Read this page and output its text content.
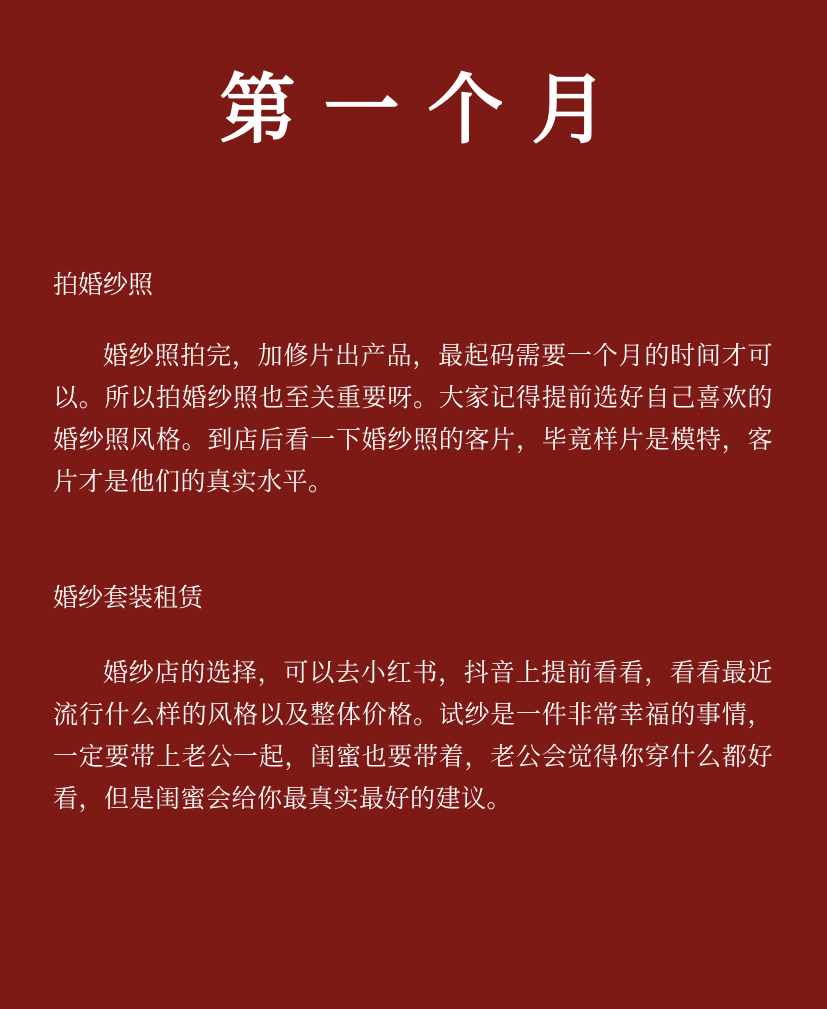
第一个月
拍婚纱照

婚纱照拍完，加修片出产品，最起码需要一个月的时间才可以。所以拍婚纱照也至关重要呀。大家记得提前选好自己喜欢的婚纱照风格。到店后看一下婚纱照的客片，毕竟样片是模特，客片才是他们的真实水平。

婚纱套装租赁

婚纱店的选择，可以去小红书，抖音上提前看看，看看最近流行什么样的风格以及整体价格。试纱是一件非常幸福的事情，一定要带上老公一起，闺蜜也要带着，老公会觉得你穿什么都好看，但是闺蜜会给你最真实最好的建议。
